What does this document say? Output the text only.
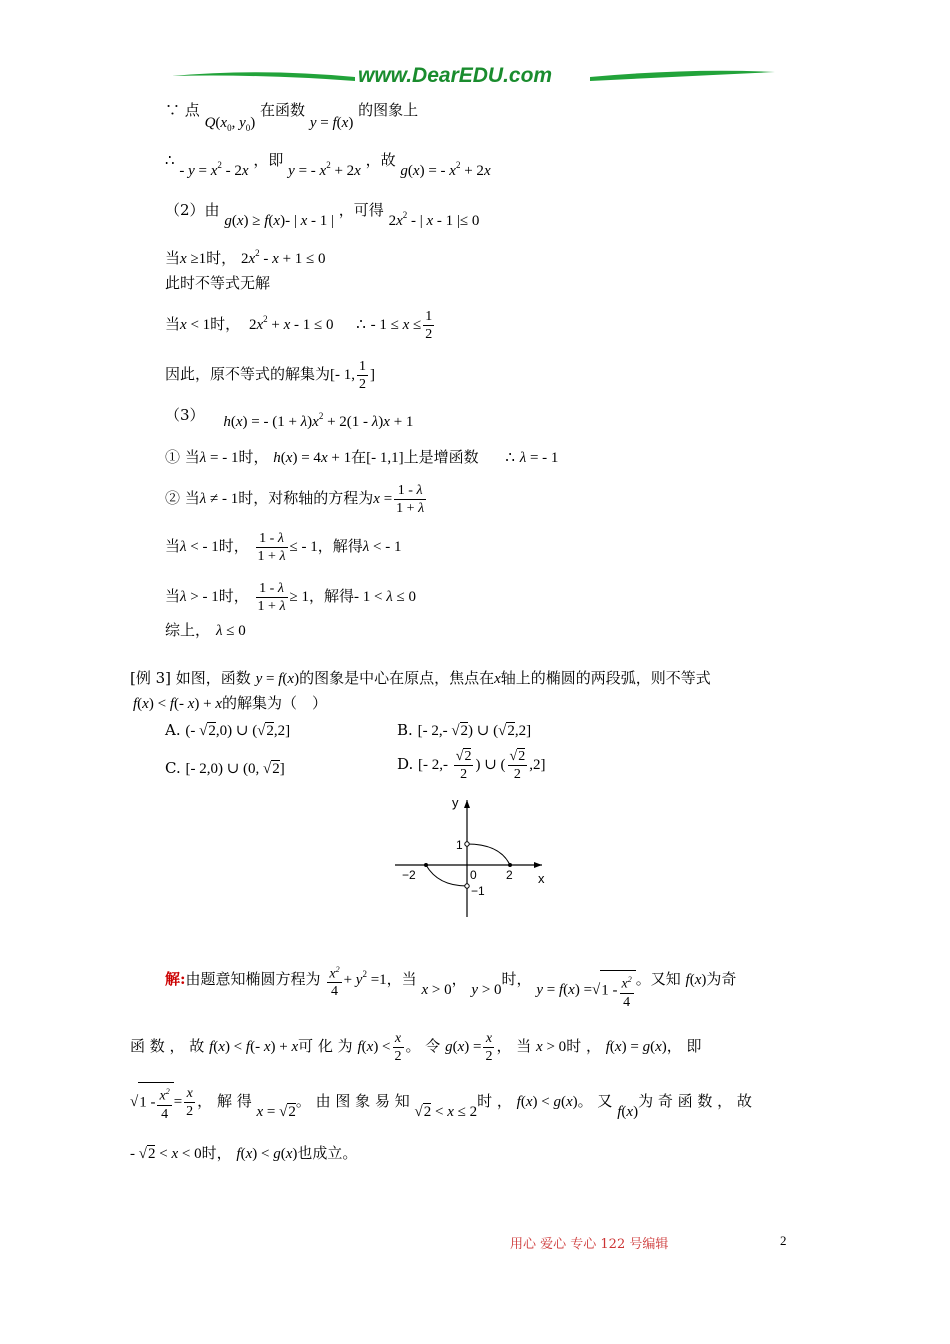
www.DearEDU.com
∵ 点 $Q(x_0$, $y_0$) 在函数 y = f(x) 的图象上
∴ - $y = x^2 - 2x$ ，即 y = - $x^2 + 2x$ ，故 g(x) = - $x^2 + 2x$
（2）由 g(x) ≥ f(x)- | x - 1 | ，可得 $2x^2$ - | x - 1 |≤ 0
当x ≥1时， $2x^2 - x + 1 \le 0$
此时不等式无解
当x < 1时， $2x^2 + x - 1 \le 0$ ∴ - $1 \le x \le \frac{1}{2}$
因此，原不等式的解集为[- 1, $\frac{1}{2}$ ]
（3） h(x) = - $(1 + \lambda)x^2 + 2(1 - \lambda)x + 1$
① 当λ = - 1时， h(x) = 4x + 1在[- 1,1]上是增函数 ∴ λ = - 1
② 当λ ≠ - 1时，对称轴的方程为$x = \frac{1 - \lambda}{1 + \lambda}$
当λ < - 1时， $\frac{1 - \lambda}{1 + \lambda}$ ≤ - 1，解得λ < - 1
当λ > - 1时， $\frac{1 - \lambda}{1 + \lambda} \ge 1$，解得- 1 < λ ≤ 0
综上， λ ≤ 0
[例 3] 如图，函数 y = f(x)的图象是中心在原点，焦点在x轴上的椭圆的两段弧，则不等式
f(x) < f(- x) + x的解集为（　）
A. (- √2,0) ∪ (√2,2]	B. [- 2,- √2) ∪ (√2,2]
C. [- 2,0) ∪ (0, √2]	D. [- $2,- \frac{√2}{2}$ ) ∪ ( $\frac{√2}{2} ,2$]
y
x
1
0
−1
−2	2
解:由题意知椭圆方程为 $\frac{x^2}{4} + y^2 =1$，当 x > 0， y > 0时， $y = f(x) =√1 - \frac{x^2}{4}$ 。又知 f(x)为奇
函 数 ， 故 f(x) < f(- x) + x可 化 为 $f(x) < \frac{x}{2}$ 。 令 $g(x) = \frac{x}{2}$ ， 当 x > 0时 ， f(x) = g(x)， 即
$√1 - \frac{x^2}{4} = \frac{x}{2}$ ， 解 得 x = √2。 由 图 象 易 知 √2 < x ≤ 2时 ， f(x) < g(x)。 又 f(x)为 奇 函 数 ， 故
- √2 < x < 0时， f(x) < g(x)也成立。
用心 爱心 专心 122 号编辑	2
